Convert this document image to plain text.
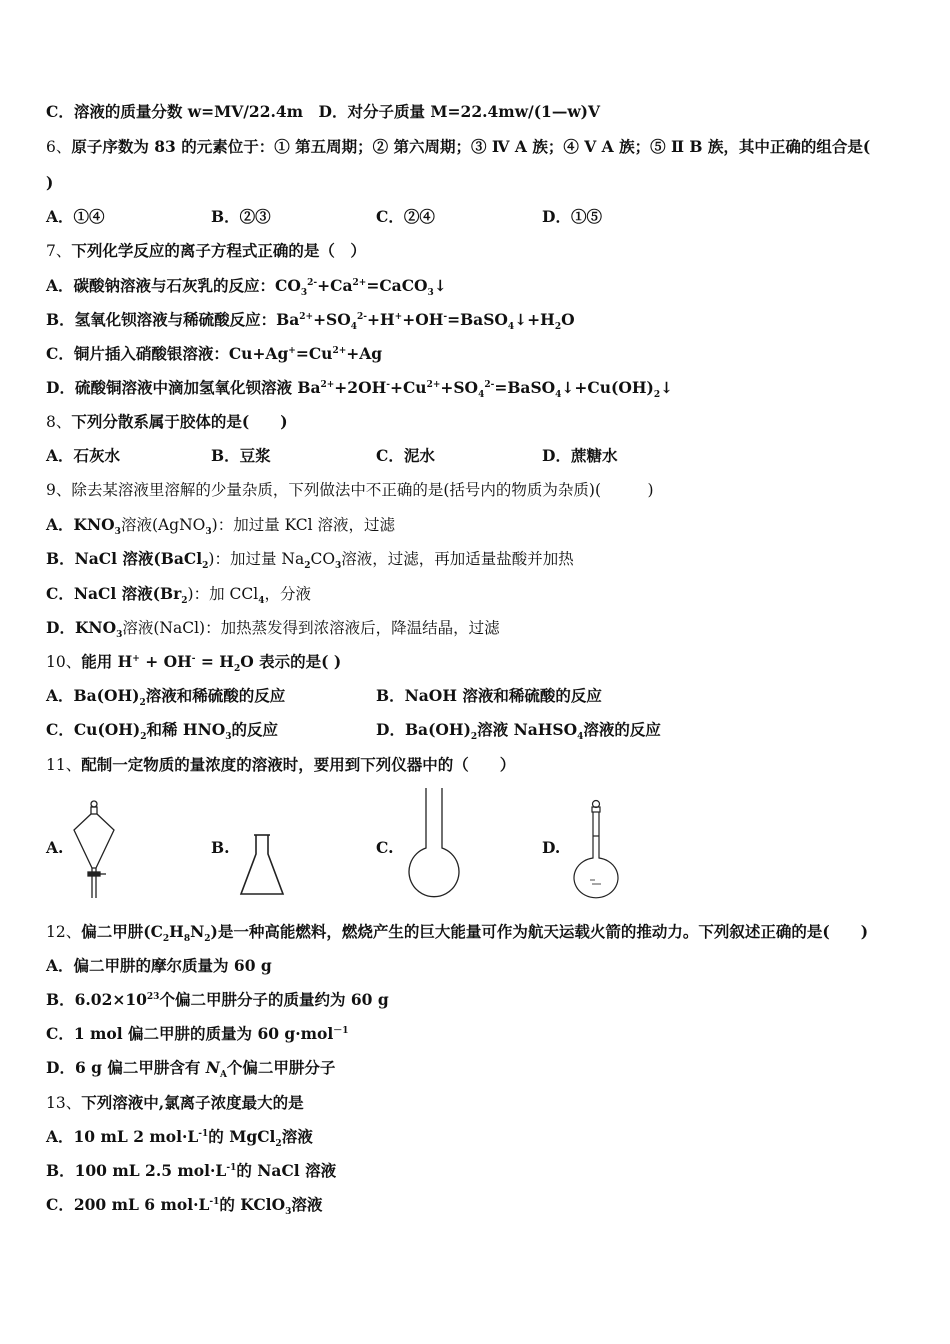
C．溶液的质量分数 w=MV/22.4m　D．对分子质量 M=22.4mw/(1—w)V
6、原子序数为 83 的元素位于：① 第五周期；② 第六周期；③ Ⅳ A 族；④ Ⅴ A 族；⑤ Ⅱ B 族，其中正确的组合是(
)
A．①④	B．②③	C．②④	D．①⑤
7、下列化学反应的离子方程式正确的是（　）
A．碳酸钠溶液与石灰乳的反应：$CO_3^{2-}+Ca^{2+}=CaCO_3↓$
B．氢氧化钡溶液与稀硫酸反应：$Ba^{2+}+SO_4^{2-}+H^++OH^-=BaSO_4↓+H_2O$
C．铜片插入硝酸银溶液：$Cu+Ag^+=Cu^{2+}+Ag$
D．硫酸铜溶液中滴加氢氧化钡溶液 $Ba^{2+}+2OH^-+Cu^{2+}+SO_4^{2-}=BaSO_4↓+Cu(OH)_2↓$
8、下列分散系属于胶体的是(　　)
A．石灰水	B．豆浆	C．泥水	D．蔗糖水
9、除去某溶液里溶解的少量杂质，下列做法中不正确的是(括号内的物质为杂质)(　　　)
A．$KNO_3$溶液(AgNO$_3$)：加过量 KCl 溶液，过滤
B．NaCl 溶液(BaCl$_2$)：加过量 $Na_2CO_3$溶液，过滤，再加适量盐酸并加热
C．NaCl 溶液$(Br_2)$：加 CCl$_4$，分液
D．$KNO_3$溶液(NaCl)：加热蒸发得到浓溶液后，降温结晶，过滤
10、能用 $H^+ + OH^- = H_2O$ 表示的是( )
A．$Ba(OH)_2$溶液和稀硫酸的反应	B．NaOH 溶液和稀硫酸的反应
C．$Cu(OH)_2$和稀 $HNO_3$的反应	D．$Ba(OH)_2$溶液 NaHSO$_4$溶液的反应
11、配制一定物质的量浓度的溶液时，要用到下列仪器中的（　　）
A.	B.	C.	D.
12、偏二甲肼$(C_2H_8N_2)$是一种高能燃料，燃烧产生的巨大能量可作为航天运载火箭的推动力。下列叙述正确的是(　　)
A．偏二甲肼的摩尔质量为 60 g
B．$6.02\times 10^{23}$个偏二甲肼分子的质量约为 60 g
C．1 mol 偏二甲肼的质量为 60 g·mol$^{-1}$
D．6 g 偏二甲肼含有 $N_A$个偏二甲肼分子
13、下列溶液中,氯离子浓度最大的是
A．10 mL 2 $mol\cdot L^{-1}$的 MgCl$_2$溶液
B．100 mL 2.5 $mol\cdot L^{-1}$的 NaCl 溶液
C．200 mL 6 $mol\cdot L^{-1}$的 KClO$_3$溶液
